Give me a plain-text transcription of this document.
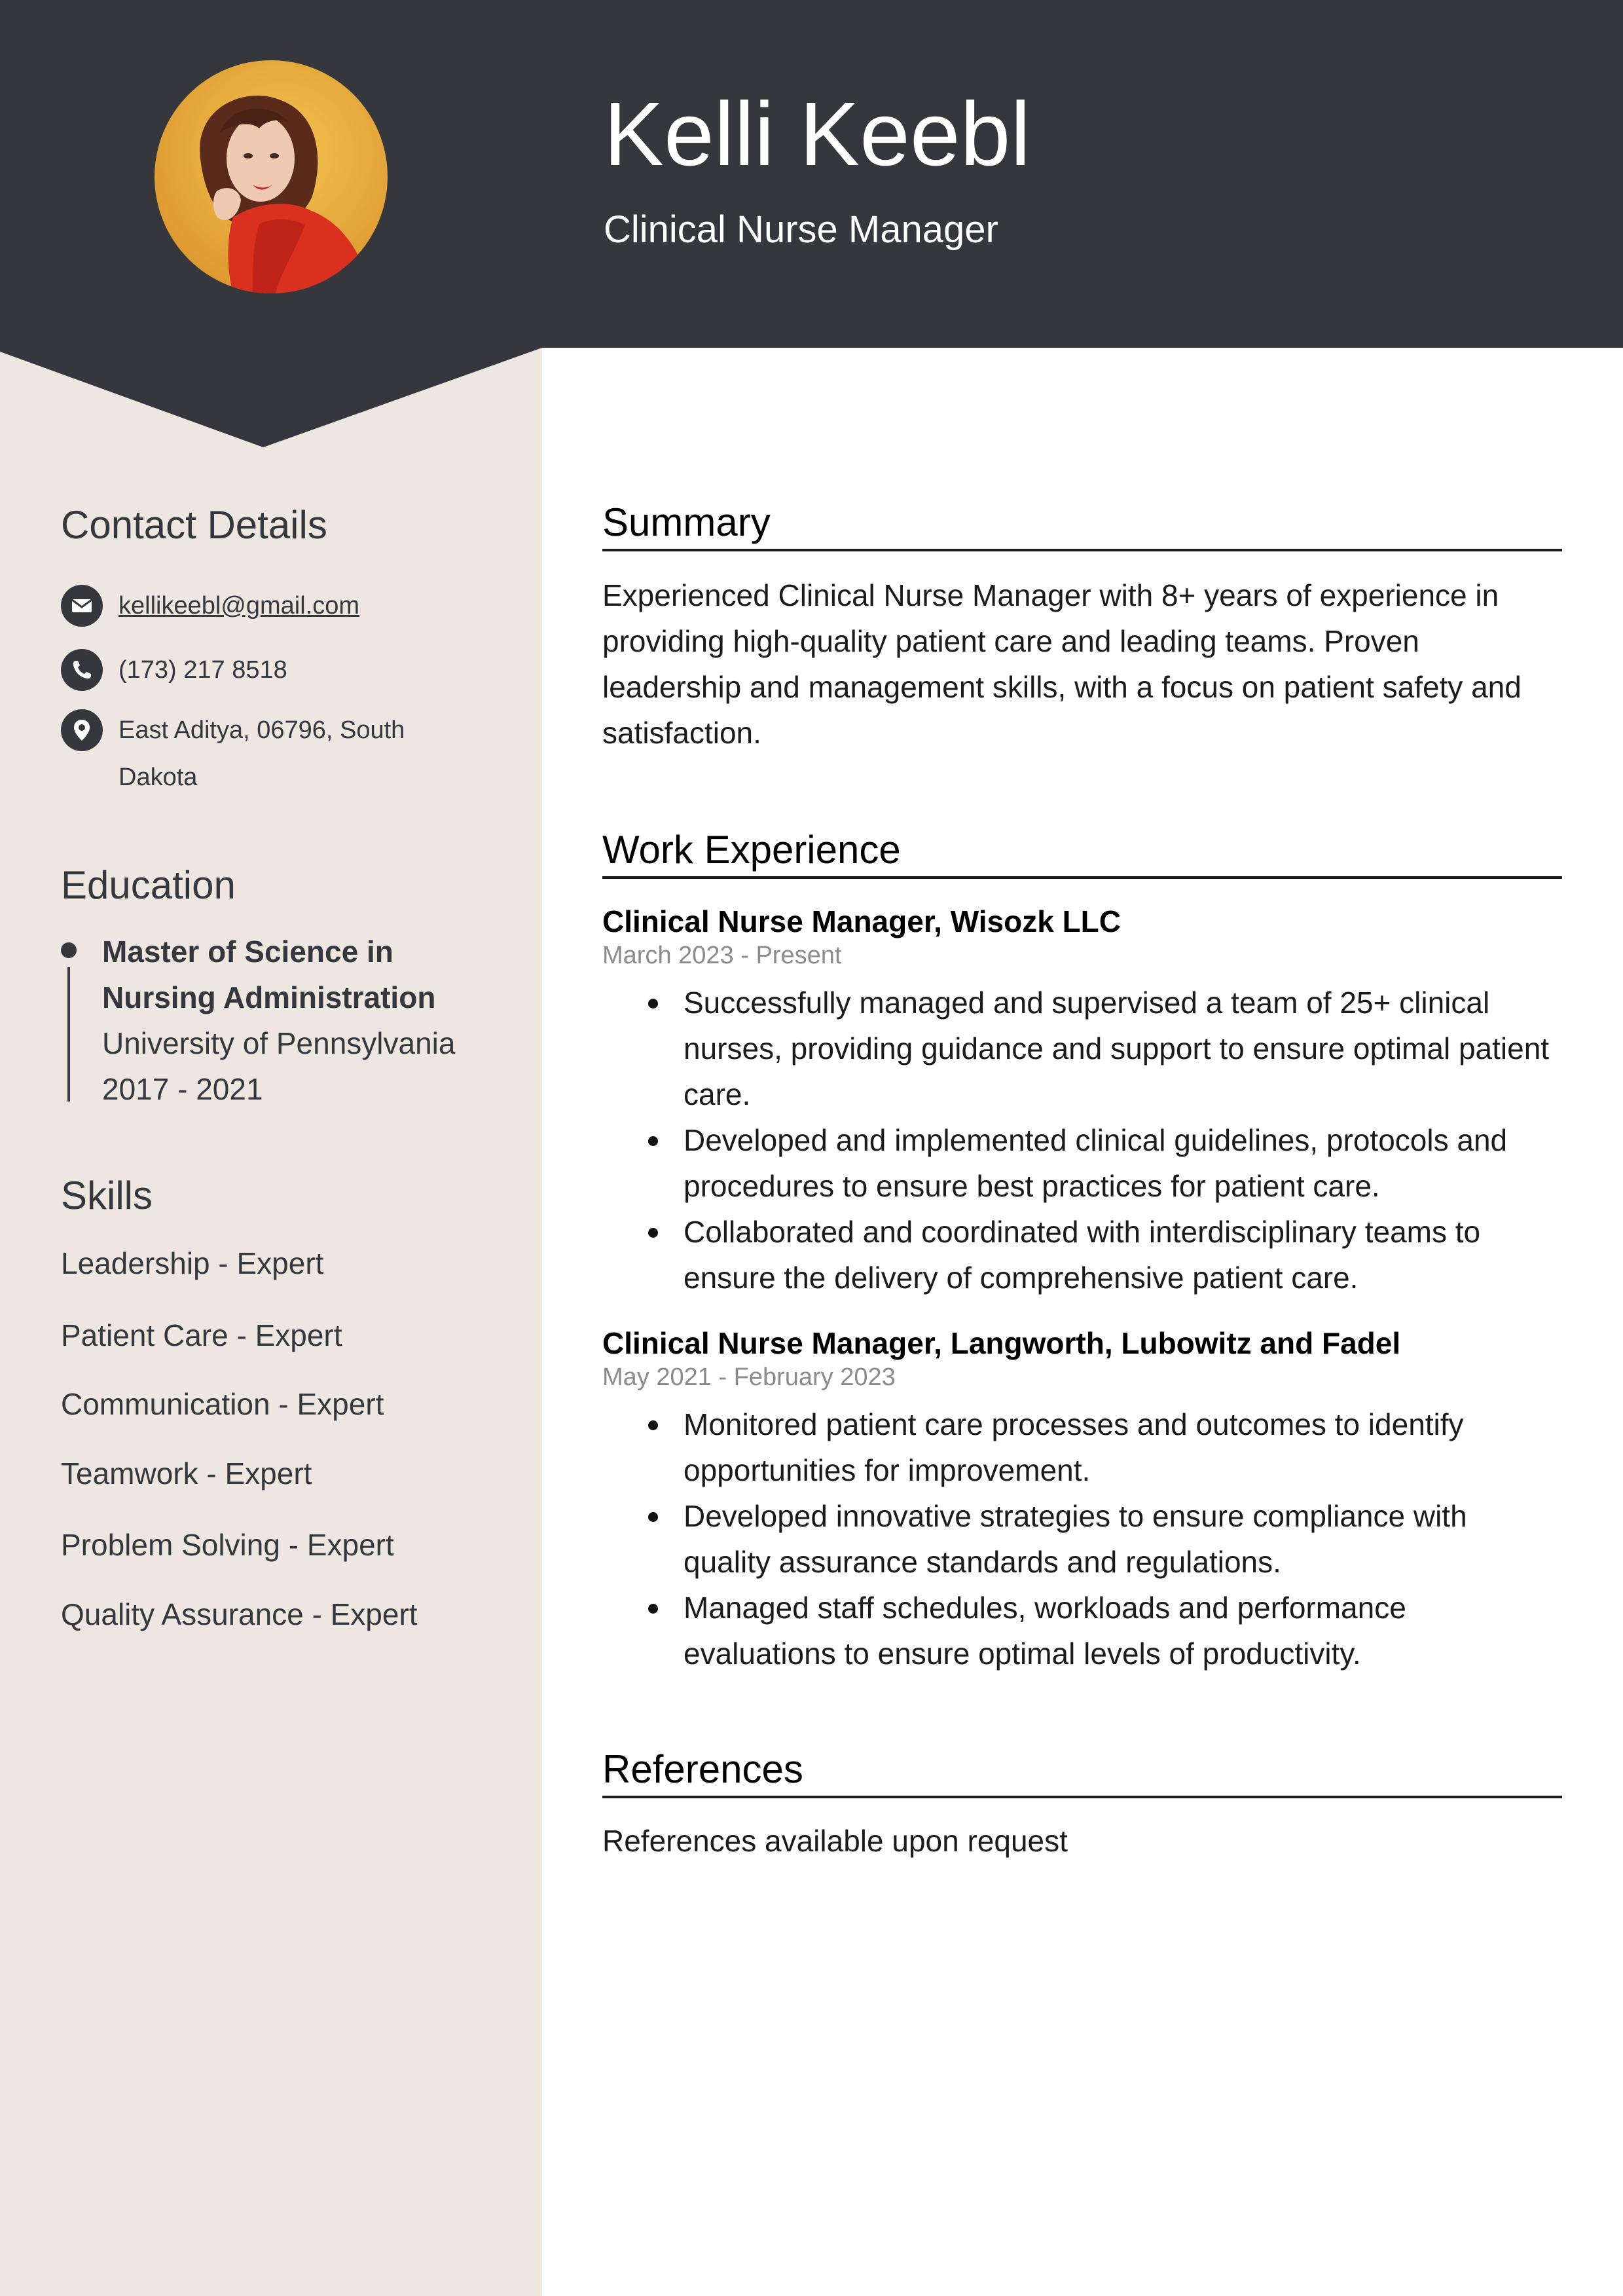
Kelli Keebl
Clinical Nurse Manager
Contact Details
kellikeebl@gmail.com
(173) 217 8518
East Aditya, 06796, South
Dakota
Education
Master of Science in
Nursing Administration
University of Pennsylvania
2017 - 2021
Skills
Leadership - Expert
Patient Care - Expert
Communication - Expert
Teamwork - Expert
Problem Solving - Expert
Quality Assurance - Expert
Summary
Experienced Clinical Nurse Manager with 8+ years of experience in providing high-quality patient care and leading teams. Proven leadership and management skills, with a focus on patient safety and satisfaction.
Work Experience
Clinical Nurse Manager, Wisozk LLC
March 2023 - Present
Successfully managed and supervised a team of 25+ clinical nurses, providing guidance and support to ensure optimal patient care.
Developed and implemented clinical guidelines, protocols and procedures to ensure best practices for patient care.
Collaborated and coordinated with interdisciplinary teams to ensure the delivery of comprehensive patient care.
Clinical Nurse Manager, Langworth, Lubowitz and Fadel
May 2021 - February 2023
Monitored patient care processes and outcomes to identify opportunities for improvement.
Developed innovative strategies to ensure compliance with quality assurance standards and regulations.
Managed staff schedules, workloads and performance evaluations to ensure optimal levels of productivity.
References
References available upon request
